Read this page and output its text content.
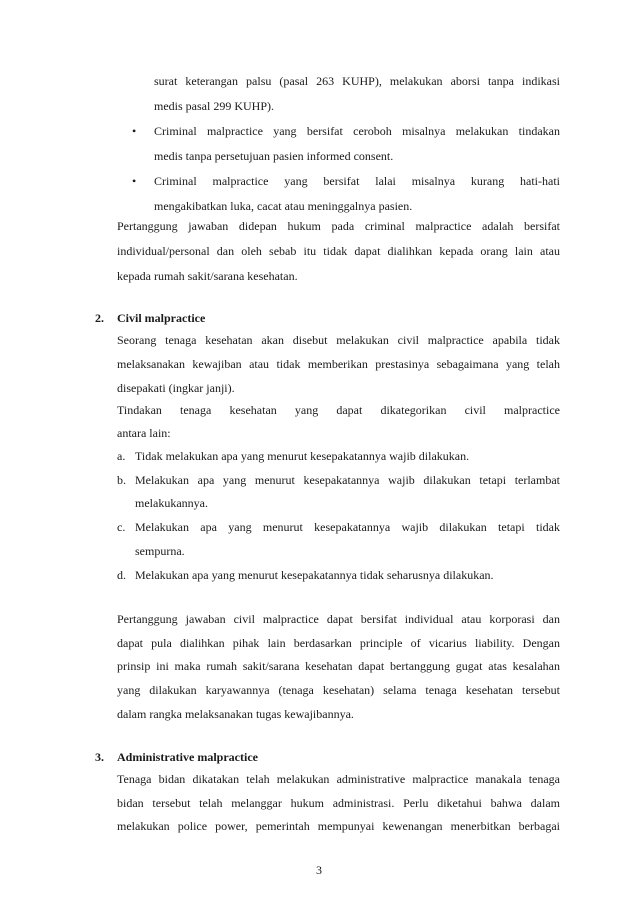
surat keterangan palsu (pasal 263 KUHP), melakukan aborsi tanpa indikasi
medis pasal 299 KUHP).
• Criminal malpractice yang bersifat ceroboh misalnya melakukan tindakan
medis tanpa persetujuan pasien informed consent.
• Criminal malpractice yang bersifat lalai misalnya kurang hati-hati
mengakibatkan luka, cacat atau meninggalnya pasien.
Pertanggung jawaban didepan hukum pada criminal malpractice adalah bersifat
individual/personal dan oleh sebab itu tidak dapat dialihkan kepada orang lain atau
kepada rumah sakit/sarana kesehatan.
2. Civil malpractice
Seorang tenaga kesehatan akan disebut melakukan civil malpractice apabila tidak
melaksanakan kewajiban atau tidak memberikan prestasinya sebagaimana yang telah
disepakati (ingkar janji).
Tindakan tenaga kesehatan yang dapat dikategorikan civil malpractice
antara lain:
a. Tidak melakukan apa yang menurut kesepakatannya wajib dilakukan.
b. Melakukan apa yang menurut kesepakatannya wajib dilakukan tetapi terlambat
melakukannya.
c. Melakukan apa yang menurut kesepakatannya wajib dilakukan tetapi tidak
sempurna.
d. Melakukan apa yang menurut kesepakatannya tidak seharusnya dilakukan.
Pertanggung jawaban civil malpractice dapat bersifat individual atau korporasi dan
dapat pula dialihkan pihak lain berdasarkan principle of vicarius liability. Dengan
prinsip ini maka rumah sakit/sarana kesehatan dapat bertanggung gugat atas kesalahan
yang dilakukan karyawannya (tenaga kesehatan) selama tenaga kesehatan tersebut
dalam rangka melaksanakan tugas kewajibannya.
3. Administrative malpractice
Tenaga bidan dikatakan telah melakukan administrative malpractice manakala tenaga
bidan tersebut telah melanggar hukum administrasi. Perlu diketahui bahwa dalam
melakukan police power, pemerintah mempunyai kewenangan menerbitkan berbagai
3
